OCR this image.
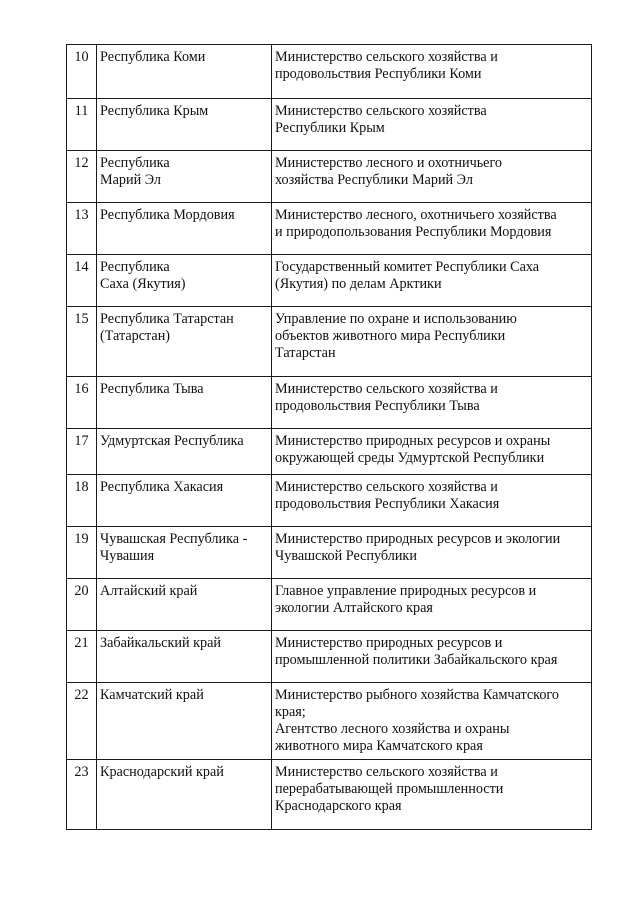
10	Республика Коми	Министерство сельского хозяйства и
продовольствия Республики Коми

11	Республика Крым	Министерство сельского хозяйства
Республики Крым

12	Республика
Марий Эл	Министерство лесного и охотничьего
хозяйства Республики Марий Эл

13	Республика Мордовия	Министерство лесного, охотничьего хозяйства
и природопользования Республики Мордовия

14	Республика
Саха (Якутия)	Государственный комитет Республики Саха
(Якутия) по делам Арктики

15	Республика Татарстан
(Татарстан)	Управление по охране и использованию
объектов животного мира Республики
Татарстан

16	Республика Тыва	Министерство сельского хозяйства и
продовольствия Республики Тыва

17	Удмуртская Республика	Министерство природных ресурсов и охраны
окружающей среды Удмуртской Республики

18	Республика Хакасия	Министерство сельского хозяйства и
продовольствия Республики Хакасия

19	Чувашская Республика -
Чувашия	Министерство природных ресурсов и экологии
Чувашской Республики

20	Алтайский край	Главное управление природных ресурсов и
экологии Алтайского края

21	Забайкальский край	Министерство природных ресурсов и
промышленной политики Забайкальского края

22	Камчатский край	Министерство рыбного хозяйства Камчатского
края;
Агентство лесного хозяйства и охраны
животного мира Камчатского края

23	Краснодарский край	Министерство сельского хозяйства и
перерабатывающей промышленности
Краснодарского края
